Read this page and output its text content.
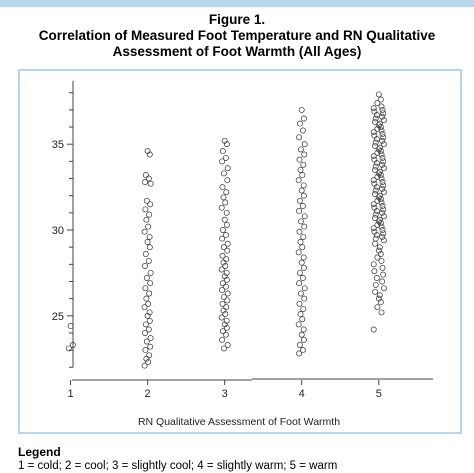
Figure 1.
Correlation of Measured Foot Temperature and RN Qualitative
Assessment of Foot Warmth (All Ages)
25
30
35
1	2	3	4	5
RN Qualitative Assessment of Foot Warmth
Legend
1 = cold; 2 = cool; 3 = slightly cool; 4 = slightly warm; 5 = warm
